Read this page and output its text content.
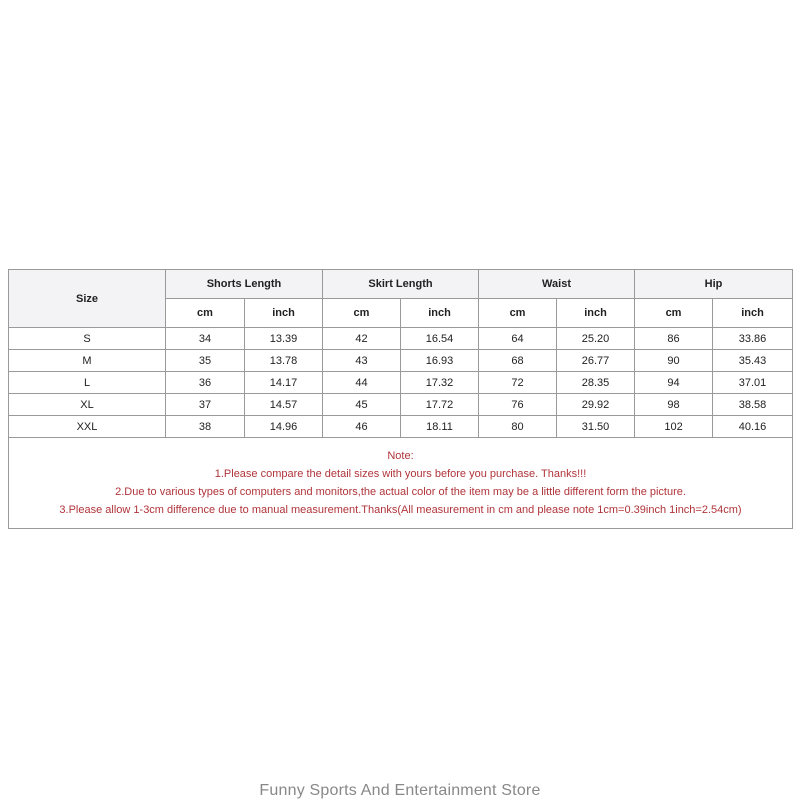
Size	Shorts Length		Skirt Length		Waist		Hip	
	cm	inch	cm	inch	cm	inch	cm	inch
S	34	13.39	42	16.54	64	25.20	86	33.86
M	35	13.78	43	16.93	68	26.77	90	35.43
L	36	14.17	44	17.32	72	28.35	94	37.01
XL	37	14.57	45	17.72	76	29.92	98	38.58
XXL	38	14.96	46	18.11	80	31.50	102	40.16

Note:
1.Please compare the detail sizes with yours before you purchase. Thanks!!!
2.Due to various types of computers and monitors,the actual color of the item may be a little different form the picture.
3.Please allow 1-3cm difference due to manual measurement.Thanks(All measurement in cm and please note 1cm=0.39inch 1inch=2.54cm)								
Funny Sports And Entertainment Store
